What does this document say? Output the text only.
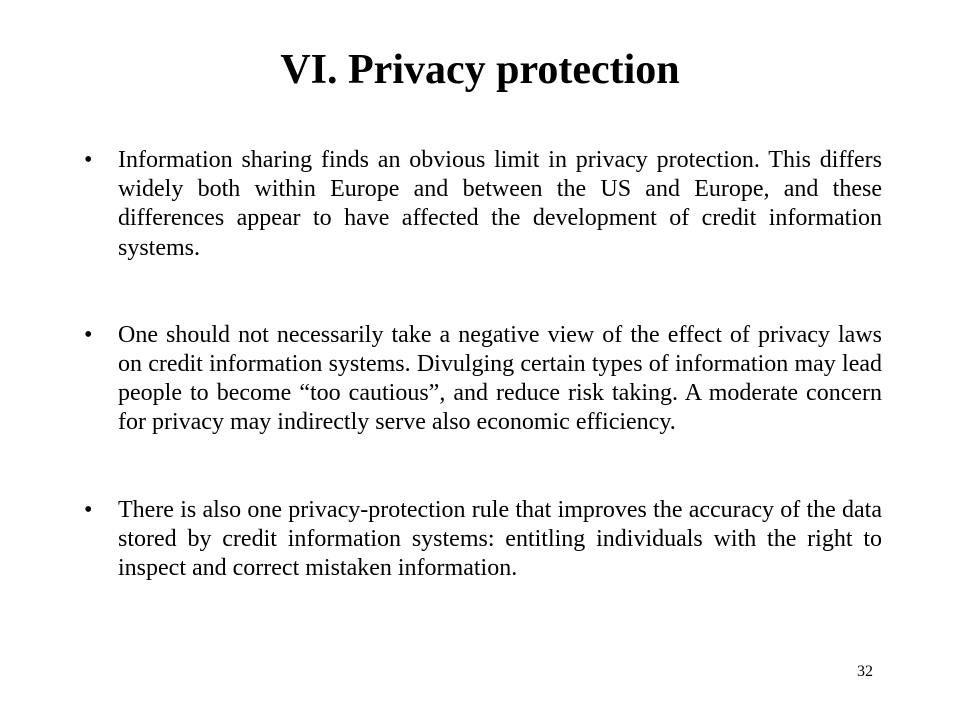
VI. Privacy protection
• Information sharing finds an obvious limit in privacy protection. This differs widely both within Europe and between the US and Europe, and these differences appear to have affected the development of credit information systems.
• One should not necessarily take a negative view of the effect of privacy laws on credit information systems. Divulging certain types of information may lead people to become “too cautious”, and reduce risk taking. A moderate concern for privacy may indirectly serve also economic efficiency.
• There is also one privacy-protection rule that improves the accuracy of the data stored by credit information systems: entitling individuals with the right to inspect and correct mistaken information.
32
